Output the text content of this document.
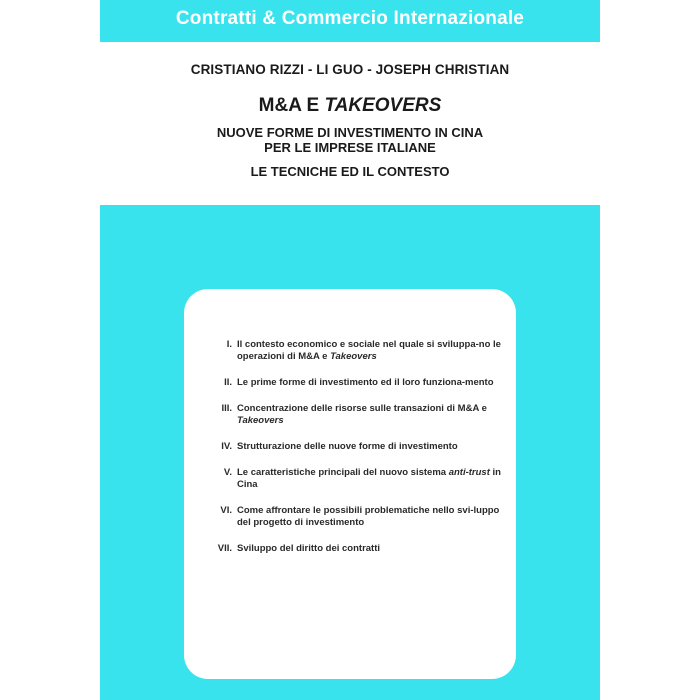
Contratti & Commercio Internazionale
CRISTIANO RIZZI - LI GUO - JOSEPH CHRISTIAN
M&A E TAKEOVERS
NUOVE FORME DI INVESTIMENTO IN CINA
PER LE IMPRESE ITALIANE
LE TECNICHE ED IL CONTESTO
I. Il contesto economico e sociale nel quale si sviluppa-no le operazioni di M&A e Takeovers
II. Le prime forme di investimento ed il loro funziona-mento
III. Concentrazione delle risorse sulle transazioni di M&A e Takeovers
IV. Strutturazione delle nuove forme di investimento
V. Le caratteristiche principali del nuovo sistema anti-trust in Cina
VI. Come affrontare le possibili problematiche nello svi-luppo del progetto di investimento
VII. Sviluppo del diritto dei contratti
GIUFFRÈ EDITORE
